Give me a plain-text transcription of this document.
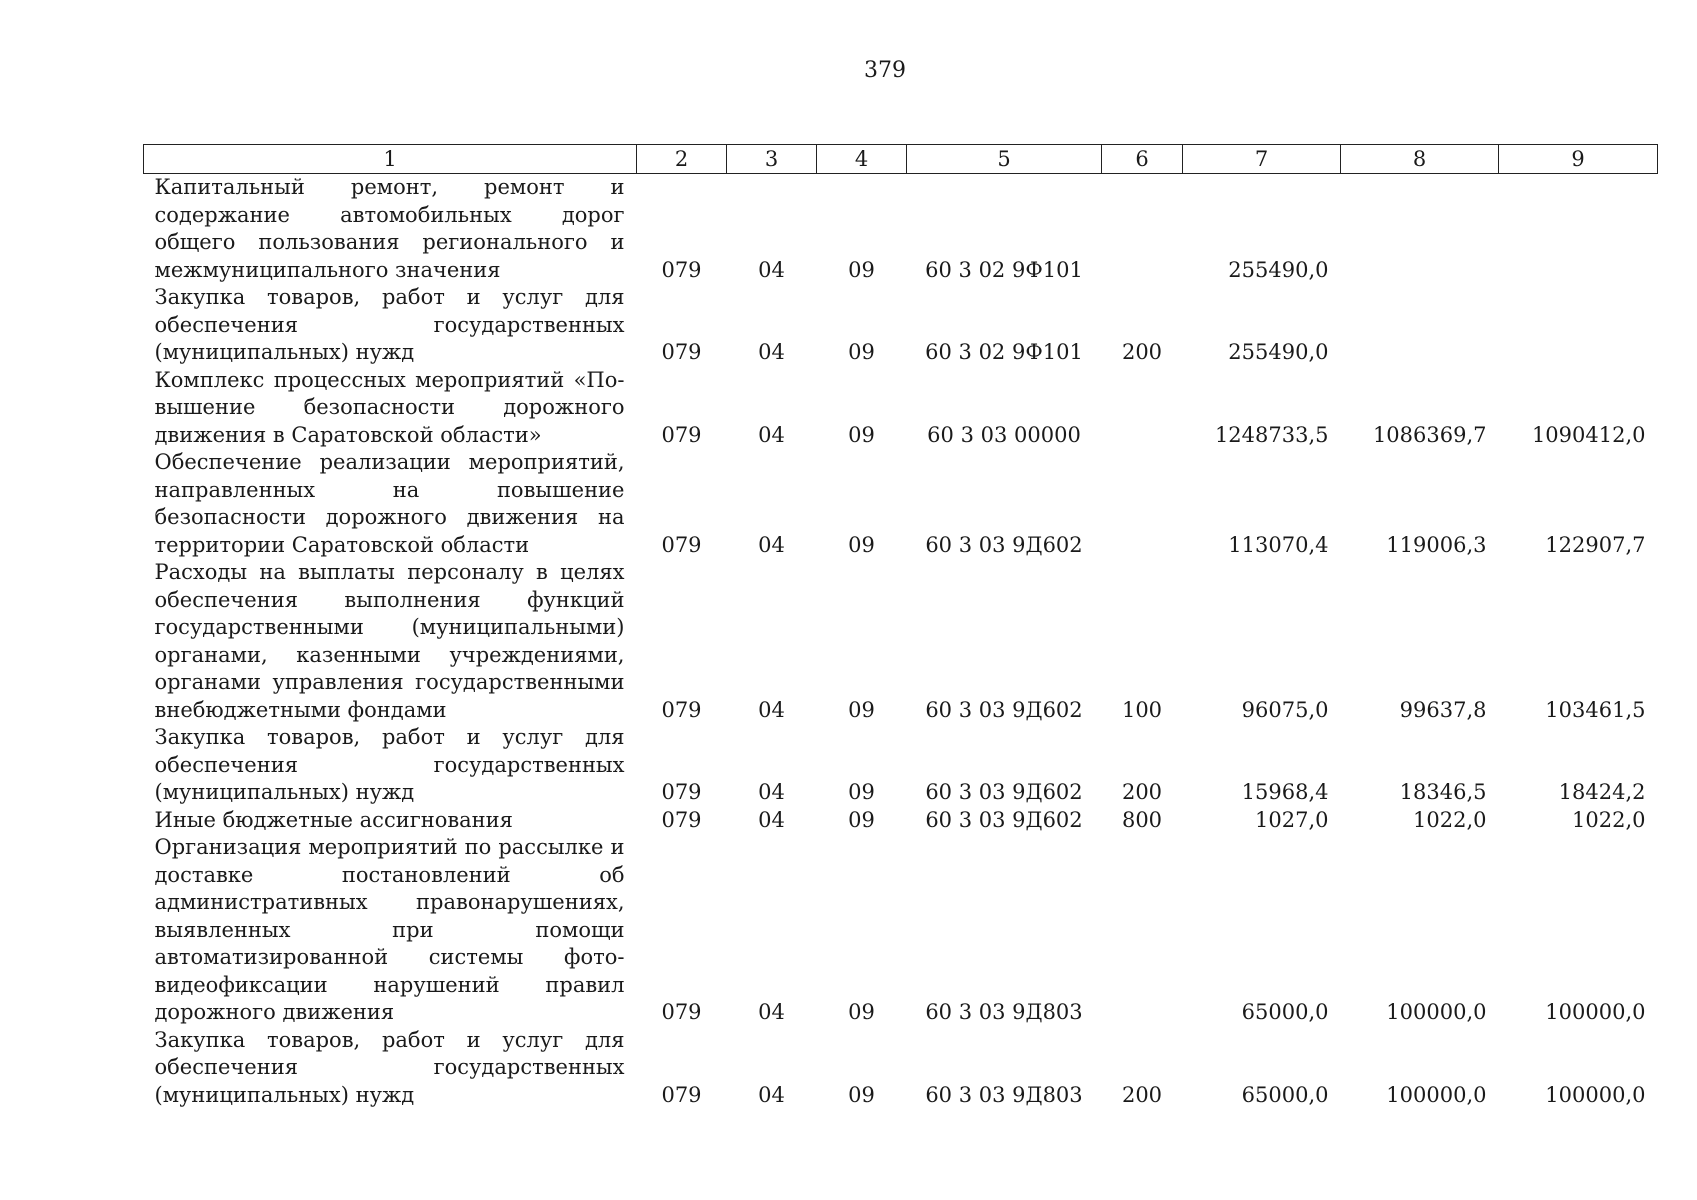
379
1	2	3	4	5	6	7	8	9
Капитальный ремонт, ремонт и содержание автомобильных дорог общего пользования регионального и межмуниципального значения	079	04	09	60 3 02 9Ф101		255490,0		
Закупка товаров, работ и услуг для обеспечения государственных (муниципальных) нужд	079	04	09	60 3 02 9Ф101	200	255490,0		
Комплекс процессных мероприятий «Повышение безопасности дорожного движения в Саратовской области»	079	04	09	60 3 03 00000		1248733,5	1086369,7	1090412,0
Обеспечение реализации мероприятий, направленных на повышение безопасности дорожного движения на территории Саратовской области	079	04	09	60 3 03 9Д602		113070,4	119006,3	122907,7
Расходы на выплаты персоналу в целях обеспечения выполнения функций государственными (муниципальными) органами, казенными учреждениями, органами управления государственными внебюджетными фондами	079	04	09	60 3 03 9Д602	100	96075,0	99637,8	103461,5
Закупка товаров, работ и услуг для обеспечения государственных (муниципальных) нужд	079	04	09	60 3 03 9Д602	200	15968,4	18346,5	18424,2
Иные бюджетные ассигнования	079	04	09	60 3 03 9Д602	800	1027,0	1022,0	1022,0
Организация мероприятий по рассылке и доставке постановлений об административных правонарушениях, выявленных при помощи автоматизированной системы фотовидеофиксации нарушений правил дорожного движения	079	04	09	60 3 03 9Д803		65000,0	100000,0	100000,0
Закупка товаров, работ и услуг для обеспечения государственных (муниципальных) нужд	079	04	09	60 3 03 9Д803	200	65000,0	100000,0	100000,0
